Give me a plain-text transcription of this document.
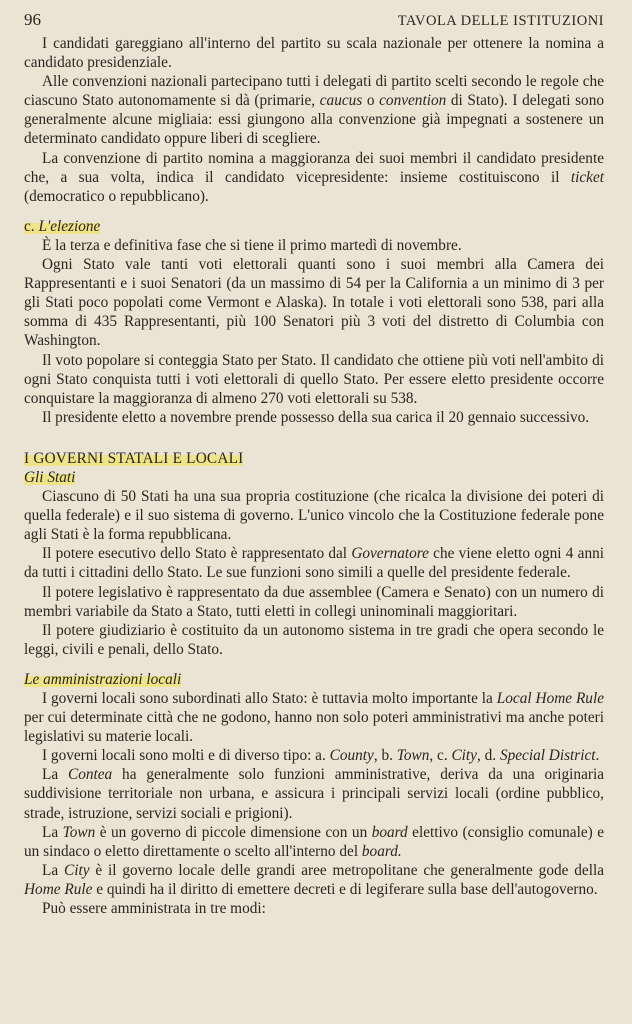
96	TAVOLA DELLE ISTITUZIONI

I candidati gareggiano all'interno del partito su scala nazionale per ottenere la nomina a candidato presidenziale.

Alle convenzioni nazionali partecipano tutti i delegati di partito scelti secondo le regole che ciascuno Stato autonomamente si dà (primarie, caucus o convention di Stato). I delegati sono generalmente alcune migliaia: essi giungono alla convenzione già impegnati a sostenere un determinato candidato oppure liberi di scegliere.

La convenzione di partito nomina a maggioranza dei suoi membri il candidato presidente che, a sua volta, indica il candidato vicepresidente: insieme costituiscono il ticket (democratico o repubblicano).

c. L'elezione

È la terza e definitiva fase che si tiene il primo martedì di novembre.

Ogni Stato vale tanti voti elettorali quanti sono i suoi membri alla Camera dei Rappresentanti e i suoi Senatori (da un massimo di 54 per la California a un minimo di 3 per gli Stati poco popolati come Vermont e Alaska). In totale i voti elettorali sono 538, pari alla somma di 435 Rappresentanti, più 100 Senatori più 3 voti del distretto di Columbia con Washington.

Il voto popolare si conteggia Stato per Stato. Il candidato che ottiene più voti nell'ambito di ogni Stato conquista tutti i voti elettorali di quello Stato. Per essere eletto presidente occorre conquistare la maggioranza di almeno 270 voti elettorali su 538.

Il presidente eletto a novembre prende possesso della sua carica il 20 gennaio successivo.

I GOVERNI STATALI E LOCALI
Gli Stati

Ciascuno di 50 Stati ha una sua propria costituzione (che ricalca la divisione dei poteri di quella federale) e il suo sistema di governo. L'unico vincolo che la Costituzione federale pone agli Stati è la forma repubblicana.

Il potere esecutivo dello Stato è rappresentato dal Governatore che viene eletto ogni 4 anni da tutti i cittadini dello Stato. Le sue funzioni sono simili a quelle del presidente federale.

Il potere legislativo è rappresentato da due assemblee (Camera e Senato) con un numero di membri variabile da Stato a Stato, tutti eletti in collegi uninominali maggioritari.

Il potere giudiziario è costituito da un autonomo sistema in tre gradi che opera secondo le leggi, civili e penali, dello Stato.

Le amministrazioni locali

I governi locali sono subordinati allo Stato: è tuttavia molto importante la Local Home Rule per cui determinate città che ne godono, hanno non solo poteri amministrativi ma anche poteri legislativi su materie locali.

I governi locali sono molti e di diverso tipo: a. County, b. Town, c. City, d. Special District.

La Contea ha generalmente solo funzioni amministrative, deriva da una originaria suddivisione territoriale non urbana, e assicura i principali servizi locali (ordine pubblico, strade, istruzione, servizi sociali e prigioni).

La Town è un governo di piccole dimensione con un board elettivo (consiglio comunale) e un sindaco o eletto direttamente o scelto all'interno del board.

La City è il governo locale delle grandi aree metropolitane che generalmente gode della Home Rule e quindi ha il diritto di emettere decreti e di legiferare sulla base dell'autogoverno.

Può essere amministrata in tre modi:
